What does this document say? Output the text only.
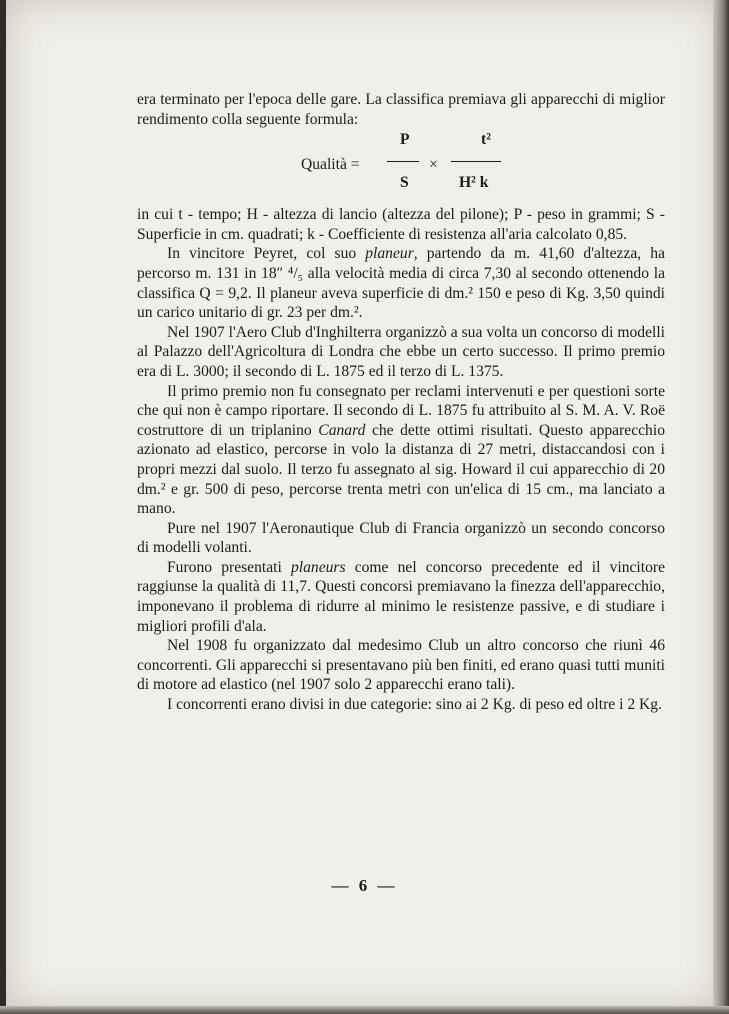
era terminato per l'epoca delle gare. La classifica premiava gli apparecchi di miglior rendimento colla seguente formula:

Qualità =
P
S
×
t²
H² k

in cui t - tempo; H - altezza di lancio (altezza del pilone); P - peso in grammi; S - Superficie in cm. quadrati; k - Coefficiente di resistenza all'aria calcolato 0,85.

In vincitore Peyret, col suo planeur, partendo da m. 41,60 d'altezza, ha percorso m. 131 in 18″ ⁴/₅ alla velocità media di circa 7,30 al secondo ottenendo la classifica Q = 9,2. Il planeur aveva superficie di dm.² 150 e peso di Kg. 3,50 quindi un carico unitario di gr. 23 per dm.².

Nel 1907 l'Aero Club d'Inghilterra organizzò a sua volta un concorso di modelli al Palazzo dell'Agricoltura di Londra che ebbe un certo successo. Il primo premio era di L. 3000; il secondo di L. 1875 ed il terzo di L. 1375.

Il primo premio non fu consegnato per reclami intervenuti e per questioni sorte che qui non è campo riportare. Il secondo di L. 1875 fu attribuito al S. M. A. V. Roë costruttore di un triplanino Canard che dette ottimi risultati. Questo apparecchio azionato ad elastico, percorse in volo la distanza di 27 metri, distaccandosi con i propri mezzi dal suolo. Il terzo fu assegnato al sig. Howard il cui apparecchio di 20 dm.² e gr. 500 di peso, percorse trenta metri con un'elica di 15 cm., ma lanciato a mano.

Pure nel 1907 l'Aeronautique Club di Francia organizzò un secondo concorso di modelli volanti.

Furono presentati planeurs come nel concorso precedente ed il vincitore raggiunse la qualità di 11,7. Questi concorsi premiavano la finezza dell'apparecchio, imponevano il problema di ridurre al minimo le resistenze passive, e di studiare i migliori profili d'ala.

Nel 1908 fu organizzato dal medesimo Club un altro concorso che riunì 46 concorrenti. Gli apparecchi si presentavano più ben finiti, ed erano quasi tutti muniti di motore ad elastico (nel 1907 solo 2 apparecchi erano tali).

I concorrenti erano divisi in due categorie: sino ai 2 Kg. di peso ed oltre i 2 Kg.

— 6 —
